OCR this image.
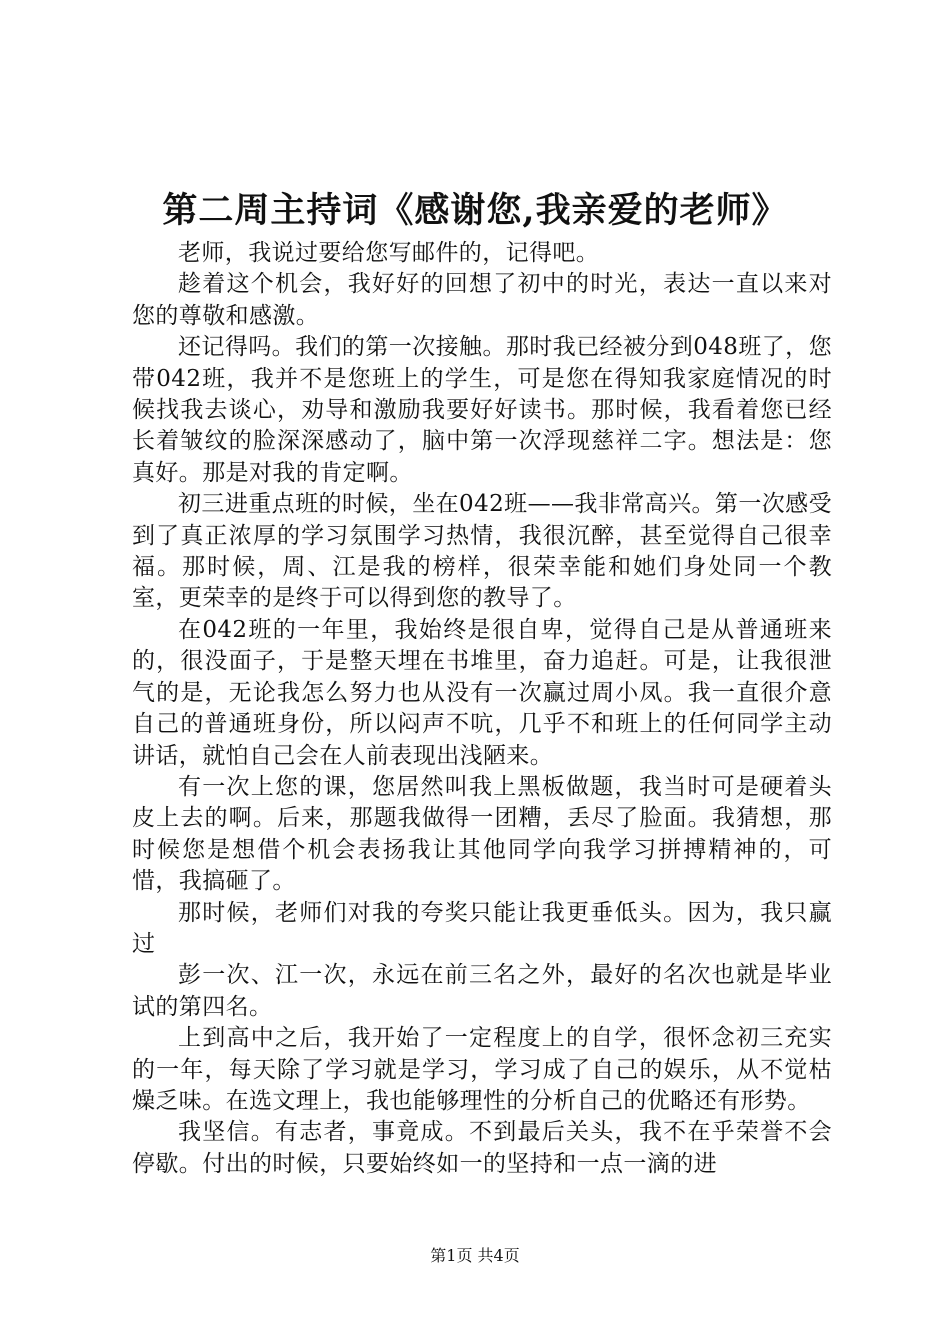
第二周主持词《感谢您,我亲爱的老师》

老师，我说过要给您写邮件的，记得吧。

趁着这个机会，我好好的回想了初中的时光，表达一直以来对您的尊敬和感激。

还记得吗。我们的第一次接触。那时我已经被分到048班了，您带042班，我并不是您班上的学生，可是您在得知我家庭情况的时候找我去谈心，劝导和激励我要好好读书。那时候，我看着您已经长着皱纹的脸深深感动了，脑中第一次浮现慈祥二字。想法是：您真好。那是对我的肯定啊。

初三进重点班的时候，坐在042班——我非常高兴。第一次感受到了真正浓厚的学习氛围学习热情，我很沉醉，甚至觉得自己很幸福。那时候，周、江是我的榜样，很荣幸能和她们身处同一个教室，更荣幸的是终于可以得到您的教导了。

在042班的一年里，我始终是很自卑，觉得自己是从普通班来的，很没面子，于是整天埋在书堆里，奋力追赶。可是，让我很泄气的是，无论我怎么努力也从没有一次赢过周小凤。我一直很介意自己的普通班身份，所以闷声不吭，几乎不和班上的任何同学主动讲话，就怕自己会在人前表现出浅陋来。

有一次上您的课，您居然叫我上黑板做题，我当时可是硬着头皮上去的啊。后来，那题我做得一团糟，丢尽了脸面。我猜想，那时候您是想借个机会表扬我让其他同学向我学习拼搏精神的，可惜，我搞砸了。

那时候，老师们对我的夸奖只能让我更垂低头。因为，我只赢过

彭一次、江一次，永远在前三名之外，最好的名次也就是毕业试的第四名。

上到高中之后，我开始了一定程度上的自学，很怀念初三充实的一年，每天除了学习就是学习，学习成了自己的娱乐，从不觉枯燥乏味。在选文理上，我也能够理性的分析自己的优略还有形势。

我坚信。有志者，事竟成。不到最后关头，我不在乎荣誉不会停歇。付出的时候，只要始终如一的坚持和一点一滴的进

第1页 共4页
